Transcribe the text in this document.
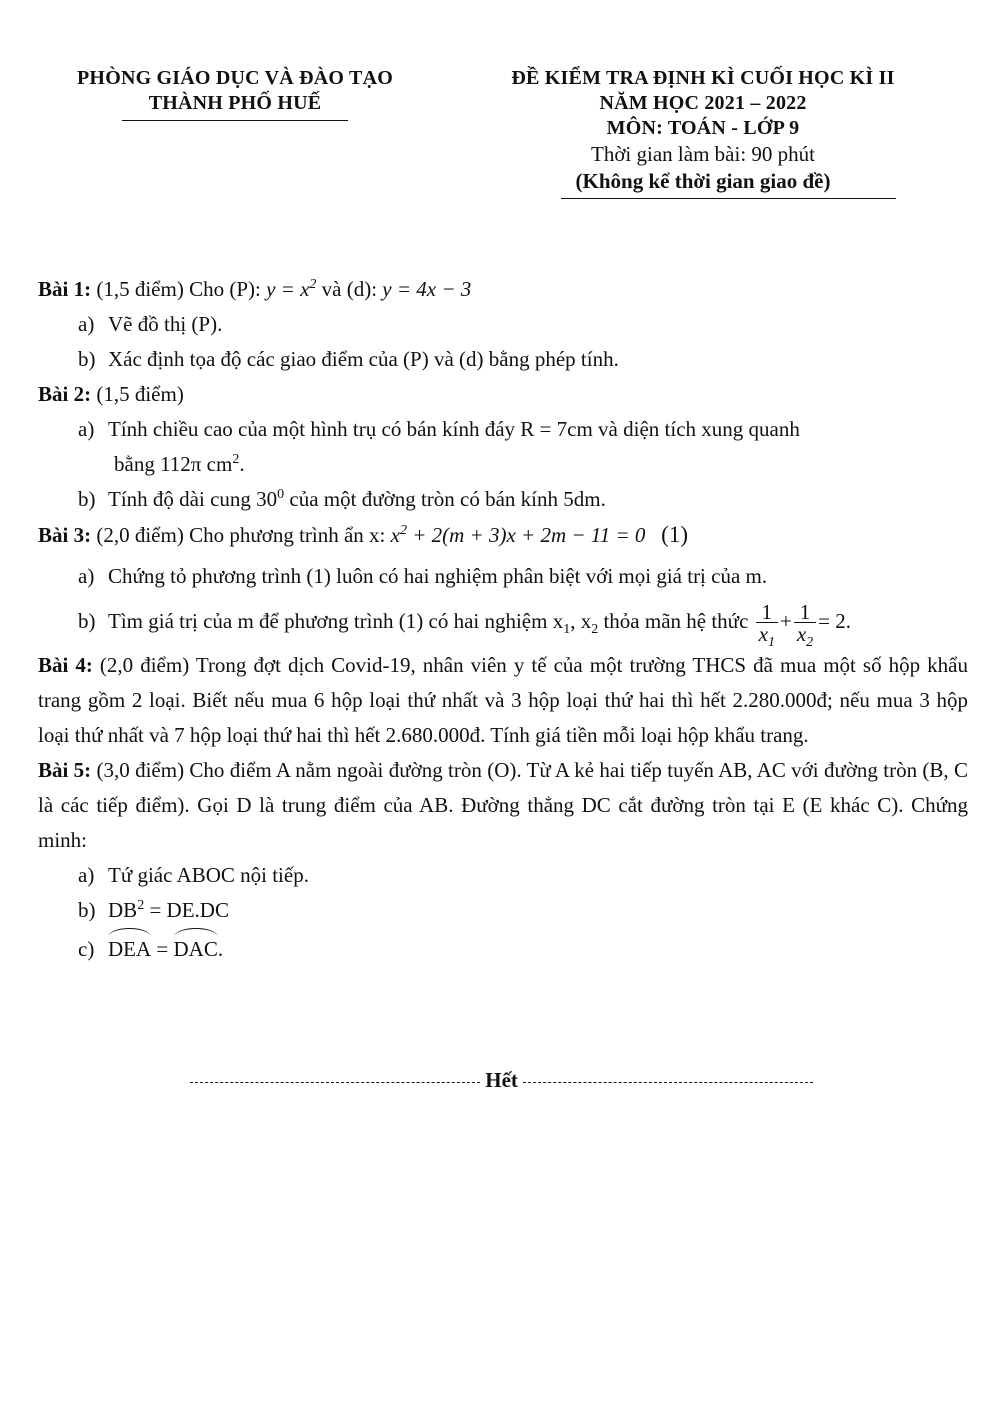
PHÒNG GIÁO DỤC VÀ ĐÀO TẠO
THÀNH PHỐ HUẾ
ĐỀ KIỂM TRA ĐỊNH KÌ CUỐI HỌC KÌ II
NĂM HỌC 2021 – 2022
MÔN: TOÁN - LỚP 9
Thời gian làm bài: 90 phút
(Không kể thời gian giao đề)

Bài 1: (1,5 điểm) Cho (P): $y = x^2$ và (d): y = 4x − 3

a) Vẽ đồ thị (P).

b) Xác định tọa độ các giao điểm của (P) và (d) bằng phép tính.

Bài 2: (1,5 điểm)

a) Tính chiều cao của một hình trụ có bán kính đáy R = 7cm và diện tích xung quanh

bằng 112π $cm^2$.

b) Tính độ dài cung $30^0$ của một đường tròn có bán kính 5dm.

Bài 3: (2,0 điểm) Cho phương trình ẩn x: $x^2 + 2(m + 3)x + 2m - 11 = 0$ (1)

a) Chứng tỏ phương trình (1) luôn có hai nghiệm phân biệt với mọi giá trị của m.

b) Tìm giá trị của m để phương trình (1) có hai nghiệm $x_1$, $x_2$ thỏa mãn hệ thức $\frac{1}{x_1} + \frac{1}{x_2} = 2$.

Bài 4: (2,0 điểm) Trong đợt dịch Covid-19, nhân viên y tế của một trường THCS đã mua một số hộp khẩu trang gồm 2 loại. Biết nếu mua 6 hộp loại thứ nhất và 3 hộp loại thứ hai thì hết 2.280.000đ; nếu mua 3 hộp loại thứ nhất và 7 hộp loại thứ hai thì hết 2.680.000đ. Tính giá tiền mỗi loại hộp khẩu trang.

Bài 5: (3,0 điểm) Cho điểm A nằm ngoài đường tròn (O). Từ A kẻ hai tiếp tuyến AB, AC với đường tròn (B, C là các tiếp điểm). Gọi D là trung điểm của AB. Đường thẳng DC cắt đường tròn tại E (E khác C). Chứng minh:

a) Tứ giác ABOC nội tiếp.

b) $DB^2 = DE.DC$

c) DEA = DAC.

Hết
